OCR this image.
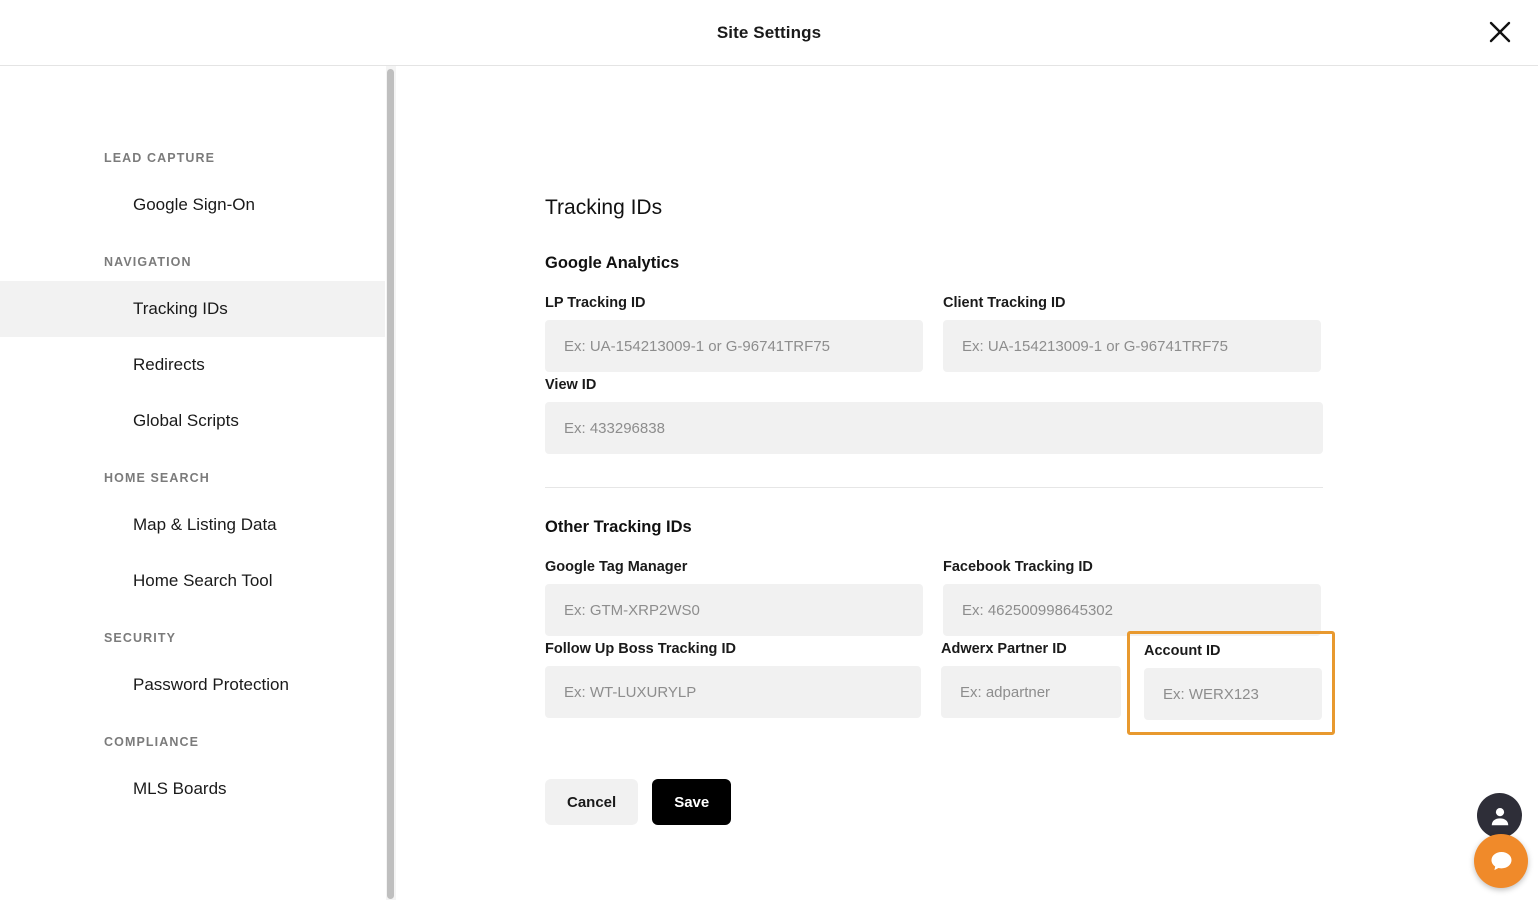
Site Settings
LEAD CAPTURE
Google Sign-On
NAVIGATION
Tracking IDs
Redirects
Global Scripts
HOME SEARCH
Map & Listing Data
Home Search Tool
SECURITY
Password Protection
COMPLIANCE
MLS Boards
Tracking IDs
Google Analytics
LP Tracking ID
Ex: UA-154213009-1 or G-96741TRF75	Client Tracking ID
Ex: UA-154213009-1 or G-96741TRF75
View ID
Ex: 433296838
Other Tracking IDs
Google Tag Manager
Ex: GTM-XRP2WS0	Facebook Tracking ID
Ex: 462500998645302
Follow Up Boss Tracking ID
Ex: WT-LUXURYLP	Adwerx Partner ID
Ex: adpartner	Account ID
Ex: WERX123
Cancel	Save
